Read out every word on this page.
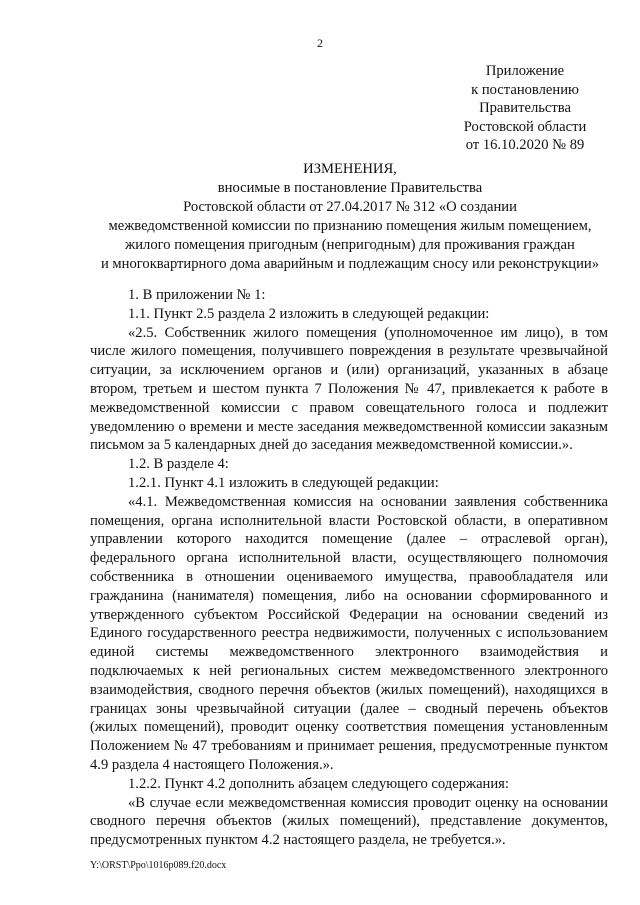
2
Приложение
к постановлению
Правительства
Ростовской области
от 16.10.2020 № 89
ИЗМЕНЕНИЯ,
вносимые в постановление Правительства
Ростовской области от 27.04.2017 № 312 «О создании
межведомственной комиссии по признанию помещения жилым помещением,
жилого помещения пригодным (непригодным) для проживания граждан
и многоквартирного дома аварийным и подлежащим сносу или реконструкции»

1. В приложении № 1:

1.1. Пункт 2.5 раздела 2 изложить в следующей редакции:

«2.5. Собственник жилого помещения (уполномоченное им лицо), в том числе жилого помещения, получившего повреждения в результате чрезвычайной ситуации, за исключением органов и (или) организаций, указанных в абзаце втором, третьем и шестом пункта 7 Положения № 47, привлекается к работе в межведомственной комиссии с правом совещательного голоса и подлежит уведомлению о времени и месте заседания межведомственной комиссии заказным письмом за 5 календарных дней до заседания межведомственной комиссии.».

1.2. В разделе 4:

1.2.1. Пункт 4.1 изложить в следующей редакции:

«4.1. Межведомственная комиссия на основании заявления собственника помещения, органа исполнительной власти Ростовской области, в оперативном управлении которого находится помещение (далее – отраслевой орган), федерального органа исполнительной власти, осуществляющего полномочия собственника в отношении оцениваемого имущества, правообладателя или гражданина (нанимателя) помещения, либо на основании сформированного и утвержденного субъектом Российской Федерации на основании сведений из Единого государственного реестра недвижимости, полученных с использованием единой системы межведомственного электронного взаимодействия и подключаемых к ней региональных систем межведомственного электронного взаимодействия, сводного перечня объектов (жилых помещений), находящихся в границах зоны чрезвычайной ситуации (далее – сводный перечень объектов (жилых помещений), проводит оценку соответствия помещения установленным Положением № 47 требованиям и принимает решения, предусмотренные пунктом 4.9 раздела 4 настоящего Положения.».

1.2.2. Пункт 4.2 дополнить абзацем следующего содержания:

«В случае если межведомственная комиссия проводит оценку на основании сводного перечня объектов (жилых помещений), представление документов, предусмотренных пунктом 4.2 настоящего раздела, не требуется.».

Y:\ORST\Ppo\1016p089.f20.docx
